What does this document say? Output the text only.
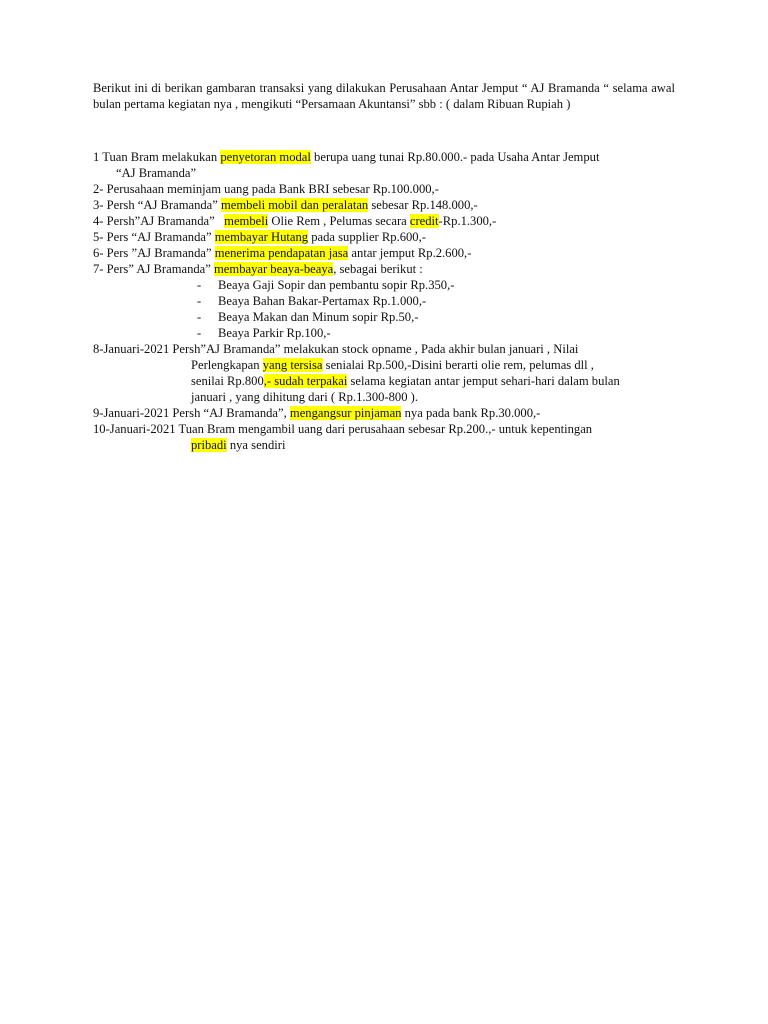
Berikut ini di berikan gambaran transaksi yang dilakukan Perusahaan Antar Jemput “ AJ Bramanda “ selama awal bulan pertama kegiatan nya , mengikuti “Persamaan Akuntansi” sbb : ( dalam Ribuan Rupiah )
1 Tuan Bram melakukan penyetoran modal berupa uang tunai Rp.80.000.- pada Usaha Antar Jemput
“AJ Bramanda”
2- Perusahaan meminjam uang pada Bank BRI sebesar Rp.100.000,-
3- Persh “AJ Bramanda” membeli mobil dan peralatan sebesar Rp.148.000,-
4- Persh”AJ Bramanda”   membeli Olie Rem , Pelumas secara credit-Rp.1.300,-
5- Pers “AJ Bramanda” membayar Hutang pada supplier Rp.600,-
6- Pers ”AJ Bramanda” menerima pendapatan jasa antar jemput Rp.2.600,-
7- Pers” AJ Bramanda” membayar beaya-beaya, sebagai berikut :
- Beaya Gaji Sopir dan pembantu sopir Rp.350,-
- Beaya Bahan Bakar-Pertamax Rp.1.000,-
- Beaya Makan dan Minum sopir Rp.50,-
- Beaya Parkir Rp.100,-
8-Januari-2021 Persh”AJ Bramanda” melakukan stock opname , Pada akhir bulan januari , Nilai
Perlengkapan yang tersisa senialai Rp.500,-Disini berarti olie rem, pelumas dll ,
senilai Rp.800,- sudah terpakai selama kegiatan antar jemput sehari-hari dalam bulan
januari , yang dihitung dari ( Rp.1.300-800 ).
9-Januari-2021 Persh “AJ Bramanda”, mengangsur pinjaman nya pada bank Rp.30.000,-
10-Januari-2021 Tuan Bram mengambil uang dari perusahaan sebesar Rp.200.,- untuk kepentingan
pribadi nya sendiri
